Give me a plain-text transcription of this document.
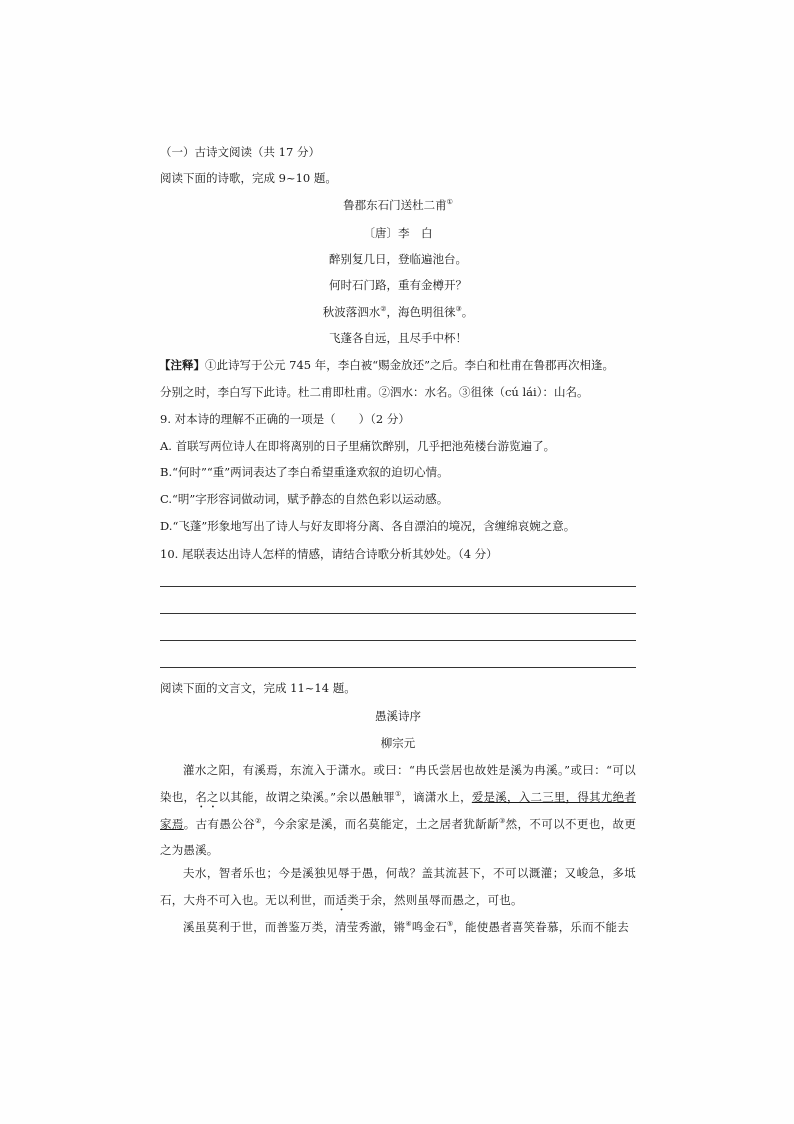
（一）古诗文阅读（共 17 分）
阅读下面的诗歌，完成 9~10 题。
鲁郡东石门送杜二甫①
〔唐〕李　白
醉别复几日，登临遍池台。
何时石门路，重有金樽开？
秋波落泗水②，海色明徂徕③。
飞蓬各自远，且尽手中杯！
【注释】①此诗写于公元 745 年，李白被“赐金放还”之后。李白和杜甫在鲁郡再次相逢。
分别之时，李白写下此诗。杜二甫即杜甫。②泗水：水名。③徂徕（cú lái）：山名。
9. 对本诗的理解不正确的一项是（　　）（2 分）
A. 首联写两位诗人在即将离别的日子里痛饮醉别，几乎把池苑楼台游览遍了。
B.“何时”“重”两词表达了李白希望重逢欢叙的迫切心情。
C.“明”字形容词做动词，赋予静态的自然色彩以运动感。
D.“飞蓬”形象地写出了诗人与好友即将分离、各自漂泊的境况，含缠绵哀婉之意。
10. 尾联表达出诗人怎样的情感，请结合诗歌分析其妙处。（4 分）
阅读下面的文言文，完成 11~14 题。
愚溪诗序
柳宗元
灌水之阳，有溪焉，东流入于潇水。或曰：“冉氏尝居也故姓是溪为冉溪。”或曰：“可以染也，名之以其能，故谓之染溪。”余以愚触罪①，谪潇水上，爱是溪，入二三里，得其尤绝者家焉。古有愚公谷②，今余家是溪，而名莫能定，土之居者犹龂龂③然，不可以不更也，故更之为愚溪。
夫水，智者乐也；今是溪独见辱于愚，何哉？盖其流甚下，不可以溉灌；又峻急，多坻石，大舟不可入也。无以利世，而适类于余，然则虽辱而愚之，可也。
溪虽莫利于世，而善鉴万类，清莹秀澈，锵④鸣金石⑤，能使愚者喜笑眷慕，乐而不能去
